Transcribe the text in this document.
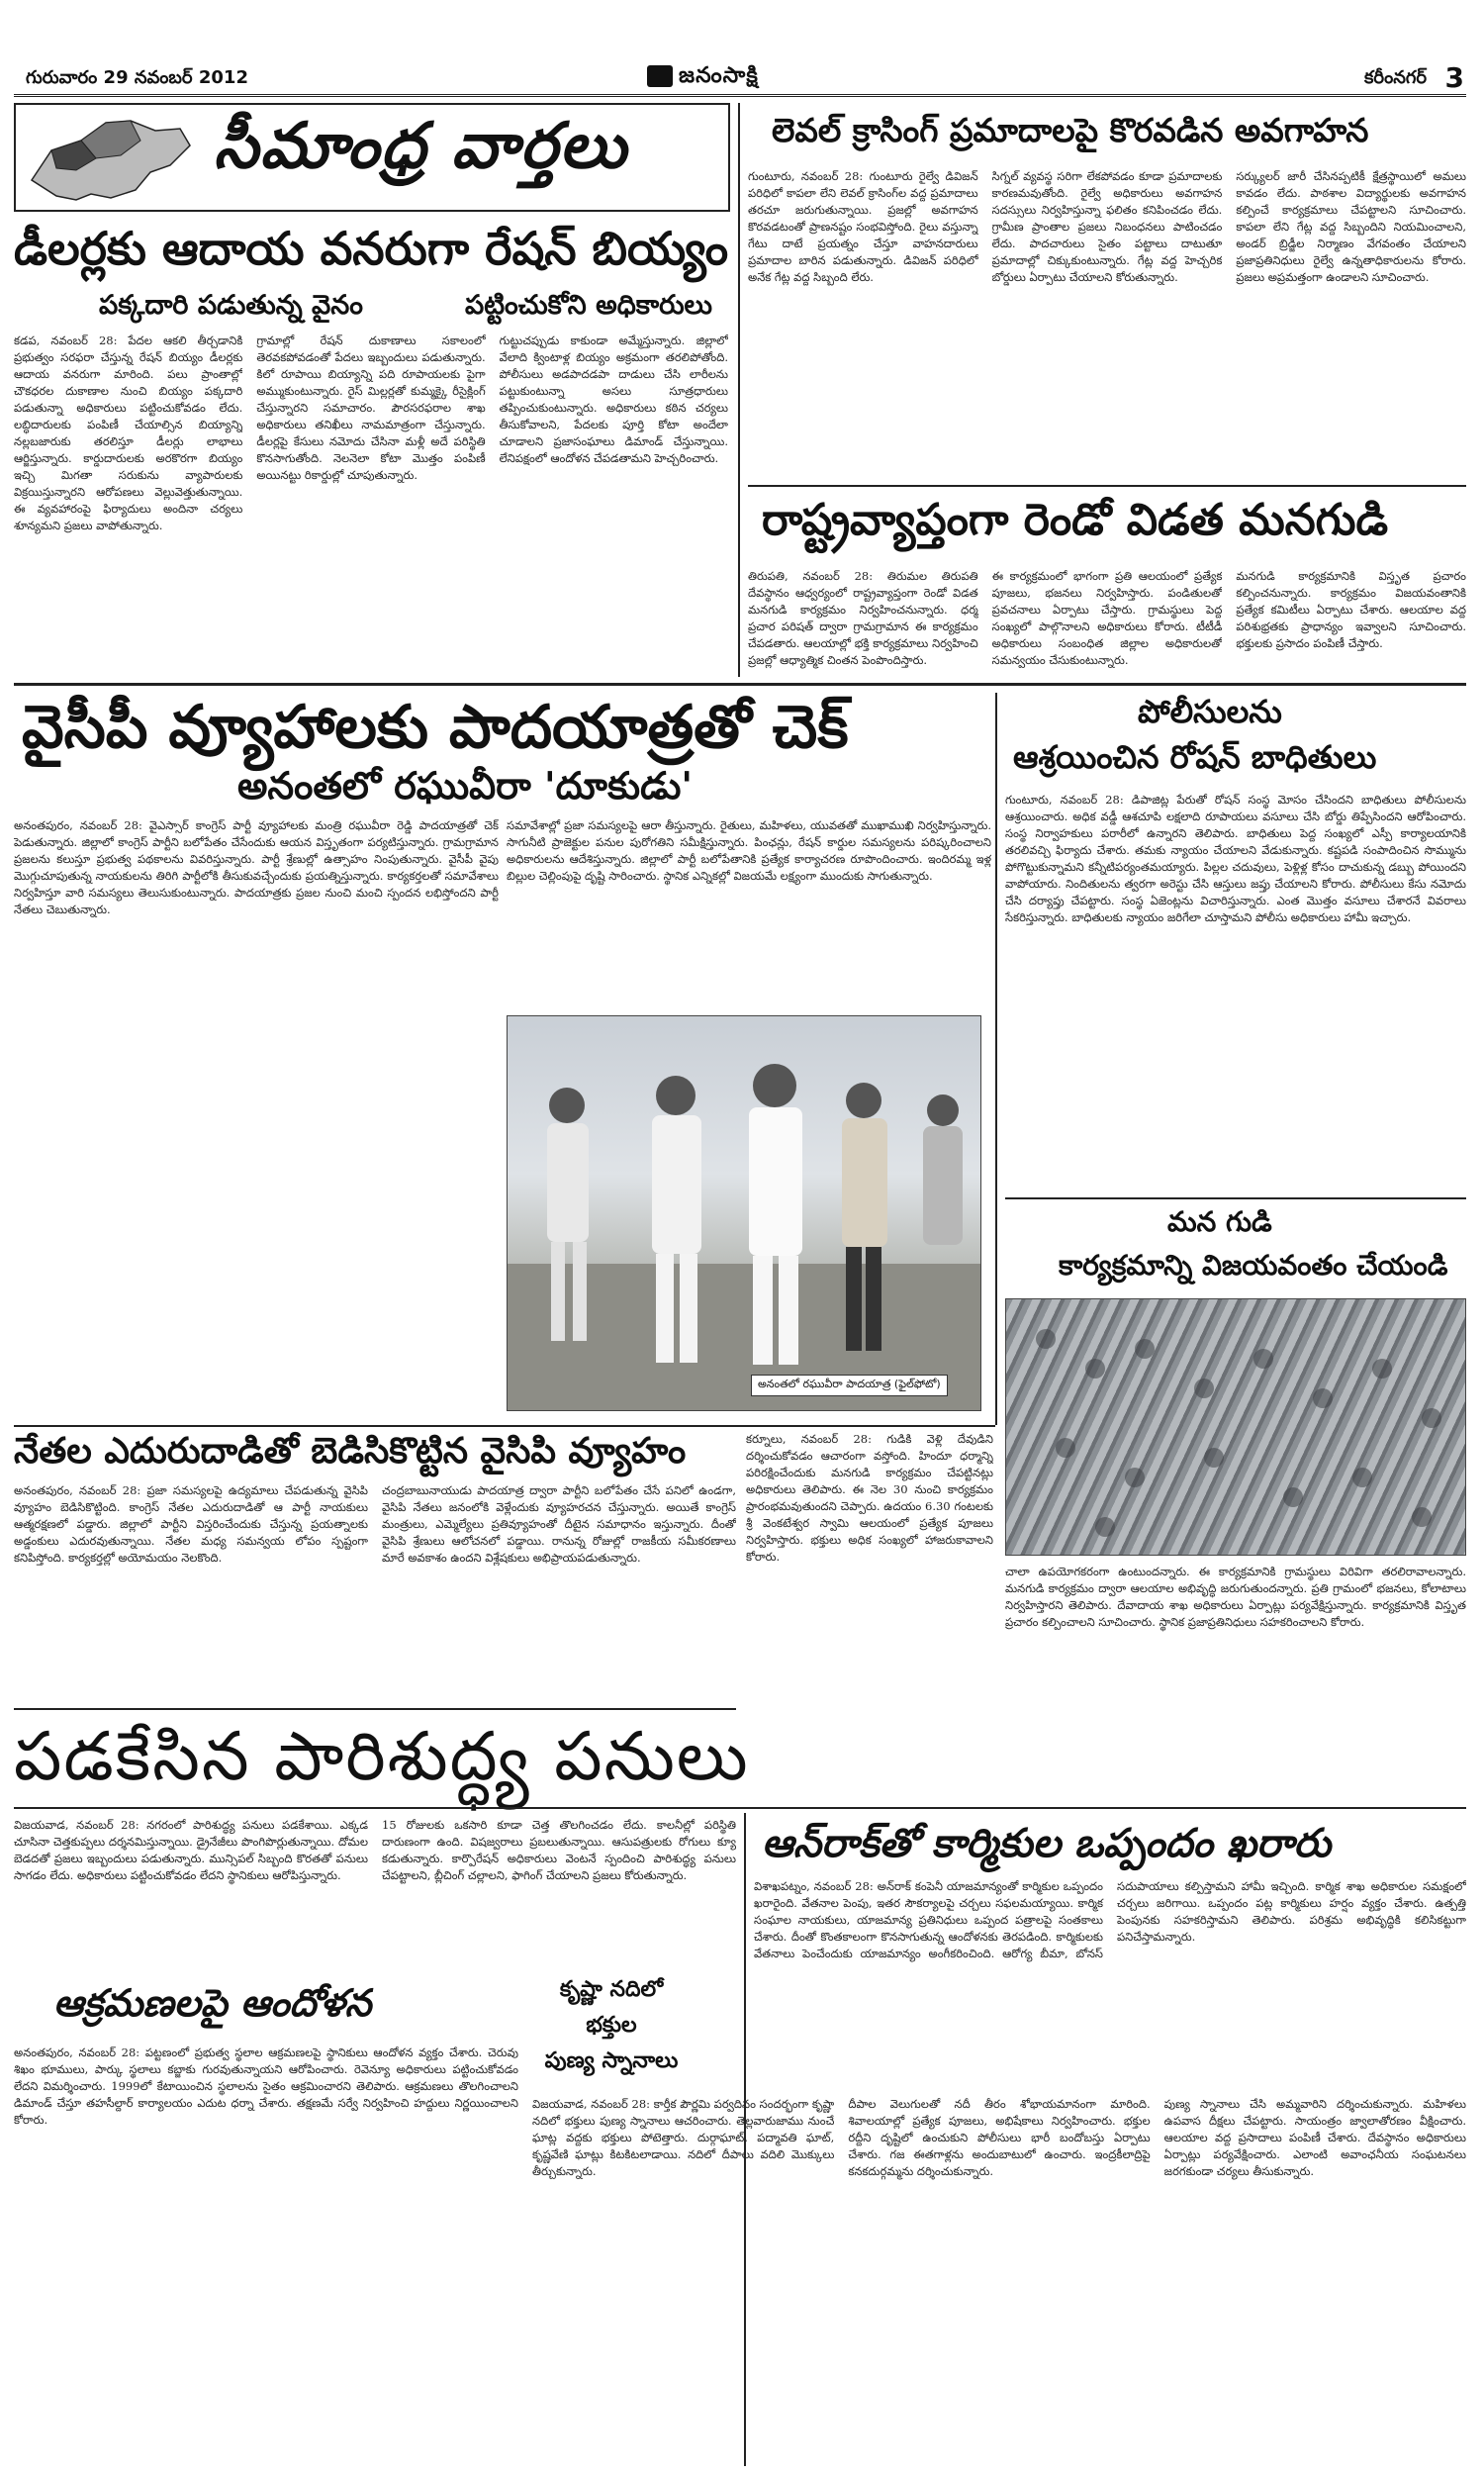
గురువారం 29 నవంబర్ 2012	జనంసాక్షి	కరీంనగర్ 3
సీమాంధ్ర వార్తలు
డీలర్లకు ఆదాయ వనరుగా రేషన్ బియ్యం
పక్కదారి పడుతున్న వైనం	పట్టించుకోని అధికారులు
కడప, నవంబర్ 28: పేదల ఆకలి తీర్చడానికి ప్రభుత్వం సరఫరా చేస్తున్న రేషన్ బియ్యం డీలర్లకు ఆదాయ వనరుగా మారింది. పలు ప్రాంతాల్లో చౌకధరల దుకాణాల నుంచి బియ్యం పక్కదారి పడుతున్నా అధికారులు పట్టించుకోవడం లేదు. లబ్ధిదారులకు పంపిణీ చేయాల్సిన బియ్యాన్ని నల్లబజారుకు తరలిస్తూ డీలర్లు లాభాలు ఆర్జిస్తున్నారు. కార్డుదారులకు అరకొరగా బియ్యం ఇచ్చి మిగతా సరుకును వ్యాపారులకు విక్రయిస్తున్నారని ఆరోపణలు వెల్లువెత్తుతున్నాయి. ఈ వ్యవహారంపై ఫిర్యాదులు అందినా చర్యలు శూన్యమని ప్రజలు వాపోతున్నారు.
గ్రామాల్లో రేషన్ దుకాణాలు సకాలంలో తెరవకపోవడంతో పేదలు ఇబ్బందులు పడుతున్నారు. కిలో రూపాయి బియ్యాన్ని పది రూపాయలకు పైగా అమ్ముకుంటున్నారు. రైస్ మిల్లర్లతో కుమ్మక్కై రీసైక్లింగ్ చేస్తున్నారని సమాచారం. పౌరసరఫరాల శాఖ అధికారులు తనిఖీలు నామమాత్రంగా చేస్తున్నారు. డీలర్లపై కేసులు నమోదు చేసినా మళ్లీ అదే పరిస్థితి కొనసాగుతోంది. నెలనెలా కోటా మొత్తం పంపిణీ అయినట్టు రికార్డుల్లో చూపుతున్నారు.
గుట్టుచప్పుడు కాకుండా అమ్మేస్తున్నారు. జిల్లాలో వేలాది క్వింటాళ్ల బియ్యం అక్రమంగా తరలిపోతోంది. పోలీసులు అడపాదడపా దాడులు చేసి లారీలను పట్టుకుంటున్నా అసలు సూత్రధారులు తప్పించుకుంటున్నారు. అధికారులు కఠిన చర్యలు తీసుకోవాలని, పేదలకు పూర్తి కోటా అందేలా చూడాలని ప్రజాసంఘాలు డిమాండ్ చేస్తున్నాయి. లేనిపక్షంలో ఆందోళన చేపడతామని హెచ్చరించారు.
లెవల్ క్రాసింగ్ ప్రమాదాలపై కొరవడిన అవగాహన
గుంటూరు, నవంబర్ 28: గుంటూరు రైల్వే డివిజన్ పరిధిలో కాపలా లేని లెవల్ క్రాసింగ్‌ల వద్ద ప్రమాదాలు తరచూ జరుగుతున్నాయి. ప్రజల్లో అవగాహన కొరవడటంతో ప్రాణనష్టం సంభవిస్తోంది. రైలు వస్తున్నా గేటు దాటే ప్రయత్నం చేస్తూ వాహనదారులు ప్రమాదాల బారిన పడుతున్నారు. డివిజన్ పరిధిలో అనేక గేట్ల వద్ద సిబ్బంది లేరు.
సిగ్నల్ వ్యవస్థ సరిగా లేకపోవడం కూడా ప్రమాదాలకు కారణమవుతోంది. రైల్వే అధికారులు అవగాహన సదస్సులు నిర్వహిస్తున్నా ఫలితం కనిపించడం లేదు. గ్రామీణ ప్రాంతాల ప్రజలు నిబంధనలు పాటించడం లేదు. పాదచారులు సైతం పట్టాలు దాటుతూ ప్రమాదాల్లో చిక్కుకుంటున్నారు. గేట్ల వద్ద హెచ్చరిక బోర్డులు ఏర్పాటు చేయాలని కోరుతున్నారు.
సర్క్యులర్ జారీ చేసినప్పటికీ క్షేత్రస్థాయిలో అమలు కావడం లేదు. పాఠశాల విద్యార్థులకు అవగాహన కల్పించే కార్యక్రమాలు చేపట్టాలని సూచించారు. కాపలా లేని గేట్ల వద్ద సిబ్బందిని నియమించాలని, అండర్ బ్రిడ్జీల నిర్మాణం వేగవంతం చేయాలని ప్రజాప్రతినిధులు రైల్వే ఉన్నతాధికారులను కోరారు. ప్రజలు అప్రమత్తంగా ఉండాలని సూచించారు.
రాష్ట్రవ్యాప్తంగా రెండో విడత మనగుడి
తిరుపతి, నవంబర్ 28: తిరుమల తిరుపతి దేవస్థానం ఆధ్వర్యంలో రాష్ట్రవ్యాప్తంగా రెండో విడత మనగుడి కార్యక్రమం నిర్వహించనున్నారు. ధర్మ ప్రచార పరిషత్ ద్వారా గ్రామగ్రామాన ఈ కార్యక్రమం చేపడతారు. ఆలయాల్లో భక్తి కార్యక్రమాలు నిర్వహించి ప్రజల్లో ఆధ్యాత్మిక చింతన పెంపొందిస్తారు.
ఈ కార్యక్రమంలో భాగంగా ప్రతి ఆలయంలో ప్రత్యేక పూజలు, భజనలు నిర్వహిస్తారు. పండితులతో ప్రవచనాలు ఏర్పాటు చేస్తారు. గ్రామస్థులు పెద్ద సంఖ్యలో పాల్గొనాలని అధికారులు కోరారు. టీటీడీ అధికారులు సంబంధిత జిల్లాల అధికారులతో సమన్వయం చేసుకుంటున్నారు.
మనగుడి కార్యక్రమానికి విస్తృత ప్రచారం కల్పించనున్నారు. కార్యక్రమం విజయవంతానికి ప్రత్యేక కమిటీలు ఏర్పాటు చేశారు. ఆలయాల వద్ద పరిశుభ్రతకు ప్రాధాన్యం ఇవ్వాలని సూచించారు. భక్తులకు ప్రసాదం పంపిణీ చేస్తారు.
వైసీపీ వ్యూహాలకు పాదయాత్రతో చెక్
అనంతలో రఘువీరా 'దూకుడు'
అనంతపురం, నవంబర్ 28: వైఎస్సార్ కాంగ్రెస్ పార్టీ వ్యూహాలకు మంత్రి రఘువీరా రెడ్డి పాదయాత్రతో చెక్ పెడుతున్నారు. జిల్లాలో కాంగ్రెస్ పార్టీని బలోపేతం చేసేందుకు ఆయన విస్తృతంగా పర్యటిస్తున్నారు. గ్రామగ్రామాన ప్రజలను కలుస్తూ ప్రభుత్వ పథకాలను వివరిస్తున్నారు. పార్టీ శ్రేణుల్లో ఉత్సాహం నింపుతున్నారు. వైసీపీ వైపు మొగ్గుచూపుతున్న నాయకులను తిరిగి పార్టీలోకి తీసుకువచ్చేందుకు ప్రయత్నిస్తున్నారు. కార్యకర్తలతో సమావేశాలు నిర్వహిస్తూ వారి సమస్యలు తెలుసుకుంటున్నారు. పాదయాత్రకు ప్రజల నుంచి మంచి స్పందన లభిస్తోందని పార్టీ నేతలు చెబుతున్నారు.
సమావేశాల్లో ప్రజా సమస్యలపై ఆరా తీస్తున్నారు. రైతులు, మహిళలు, యువతతో ముఖాముఖి నిర్వహిస్తున్నారు. సాగునీటి ప్రాజెక్టుల పనుల పురోగతిని సమీక్షిస్తున్నారు. పింఛన్లు, రేషన్ కార్డుల సమస్యలను పరిష్కరించాలని అధికారులను ఆదేశిస్తున్నారు. జిల్లాలో పార్టీ బలోపేతానికి ప్రత్యేక కార్యాచరణ రూపొందించారు. ఇందిరమ్మ ఇళ్ల బిల్లుల చెల్లింపుపై దృష్టి సారించారు. స్థానిక ఎన్నికల్లో విజయమే లక్ష్యంగా ముందుకు సాగుతున్నారు.
అనంతలో రఘువీరా పాదయాత్ర (ఫైల్‌ఫోటో)
పోలీసులను
ఆశ్రయించిన రోషన్ బాధితులు
గుంటూరు, నవంబర్ 28: డిపాజిట్ల పేరుతో రోషన్ సంస్థ మోసం చేసిందని బాధితులు పోలీసులను ఆశ్రయించారు. అధిక వడ్డీ ఆశచూపి లక్షలాది రూపాయలు వసూలు చేసి బోర్డు తిప్పేసిందని ఆరోపించారు. సంస్థ నిర్వాహకులు పరారీలో ఉన్నారని తెలిపారు. బాధితులు పెద్ద సంఖ్యలో ఎస్పీ కార్యాలయానికి తరలివచ్చి ఫిర్యాదు చేశారు. తమకు న్యాయం చేయాలని వేడుకున్నారు. కష్టపడి సంపాదించిన సొమ్మును పోగొట్టుకున్నామని కన్నీటిపర్యంతమయ్యారు. పిల్లల చదువులు, పెళ్లిళ్ల కోసం దాచుకున్న డబ్బు పోయిందని వాపోయారు. నిందితులను త్వరగా అరెస్టు చేసి ఆస్తులు జప్తు చేయాలని కోరారు. పోలీసులు కేసు నమోదు చేసి దర్యాప్తు చేపట్టారు. సంస్థ ఏజెంట్లను విచారిస్తున్నారు. ఎంత మొత్తం వసూలు చేశారనే వివరాలు సేకరిస్తున్నారు. బాధితులకు న్యాయం జరిగేలా చూస్తామని పోలీసు అధికారులు హామీ ఇచ్చారు.
మన గుడి
కార్యక్రమాన్ని విజయవంతం చేయండి
నేతల ఎదురుదాడితో బెడిసికొట్టిన వైసిపి వ్యూహం
అనంతపురం, నవంబర్ 28: ప్రజా సమస్యలపై ఉద్యమాలు చేపడుతున్న వైసిపి వ్యూహం బెడిసికొట్టింది. కాంగ్రెస్ నేతల ఎదురుదాడితో ఆ పార్టీ నాయకులు ఆత్మరక్షణలో పడ్డారు. జిల్లాలో పార్టీని విస్తరించేందుకు చేస్తున్న ప్రయత్నాలకు అడ్డంకులు ఎదురవుతున్నాయి. నేతల మధ్య సమన్వయ లోపం స్పష్టంగా కనిపిస్తోంది. కార్యకర్తల్లో అయోమయం నెలకొంది.
చంద్రబాబునాయుడు పాదయాత్ర ద్వారా పార్టీని బలోపేతం చేసే పనిలో ఉండగా, వైసిపి నేతలు జనంలోకి వెళ్లేందుకు వ్యూహరచన చేస్తున్నారు. అయితే కాంగ్రెస్ మంత్రులు, ఎమ్మెల్యేలు ప్రతివ్యూహంతో దీటైన సమాధానం ఇస్తున్నారు. దీంతో వైసిపి శ్రేణులు ఆలోచనలో పడ్డాయి. రానున్న రోజుల్లో రాజకీయ సమీకరణాలు మారే అవకాశం ఉందని విశ్లేషకులు అభిప్రాయపడుతున్నారు.
కర్నూలు, నవంబర్ 28: గుడికి వెళ్లి దేవుడిని దర్శించుకోవడం ఆచారంగా వస్తోంది. హిందూ ధర్మాన్ని పరిరక్షించేందుకు మనగుడి కార్యక్రమం చేపట్టినట్లు అధికారులు తెలిపారు. ఈ నెల 30 నుంచి కార్యక్రమం ప్రారంభమవుతుందని చెప్పారు. ఉదయం 6.30 గంటలకు శ్రీ వెంకటేశ్వర స్వామి ఆలయంలో ప్రత్యేక పూజలు నిర్వహిస్తారు. భక్తులు అధిక సంఖ్యలో హాజరుకావాలని కోరారు.
చాలా ఉపయోగకరంగా ఉంటుందన్నారు. ఈ కార్యక్రమానికి గ్రామస్థులు విరివిగా తరలిరావాలన్నారు. మనగుడి కార్యక్రమం ద్వారా ఆలయాల అభివృద్ధి జరుగుతుందన్నారు. ప్రతి గ్రామంలో భజనలు, కోలాటాలు నిర్వహిస్తారని తెలిపారు. దేవాదాయ శాఖ అధికారులు ఏర్పాట్లు పర్యవేక్షిస్తున్నారు. కార్యక్రమానికి విస్తృత ప్రచారం కల్పించాలని సూచించారు. స్థానిక ప్రజాప్రతినిధులు సహకరించాలని కోరారు.
పడకేసిన పారిశుద్ధ్య పనులు
విజయవాడ, నవంబర్ 28: నగరంలో పారిశుద్ధ్య పనులు పడకేశాయి. ఎక్కడ చూసినా చెత్తకుప్పలు దర్శనమిస్తున్నాయి. డ్రైనేజీలు పొంగిపొర్లుతున్నాయి. దోమల బెడదతో ప్రజలు ఇబ్బందులు పడుతున్నారు. మున్సిపల్ సిబ్బంది కొరతతో పనులు సాగడం లేదు. అధికారులు పట్టించుకోవడం లేదని స్థానికులు ఆరోపిస్తున్నారు.
15 రోజులకు ఒకసారి కూడా చెత్త తొలగించడం లేదు. కాలనీల్లో పరిస్థితి దారుణంగా ఉంది. విషజ్వరాలు ప్రబలుతున్నాయి. ఆసుపత్రులకు రోగులు క్యూ కడుతున్నారు. కార్పొరేషన్ అధికారులు వెంటనే స్పందించి పారిశుద్ధ్య పనులు చేపట్టాలని, బ్లీచింగ్ చల్లాలని, ఫాగింగ్ చేయాలని ప్రజలు కోరుతున్నారు.
ఆన్‌రాక్‌తో కార్మికుల ఒప్పందం ఖరారు
విశాఖపట్నం, నవంబర్ 28: అన్‌రాక్ కంపెనీ యాజమాన్యంతో కార్మికుల ఒప్పందం ఖరారైంది. వేతనాల పెంపు, ఇతర సౌకర్యాలపై చర్చలు సఫలమయ్యాయి. కార్మిక సంఘాల నాయకులు, యాజమాన్య ప్రతినిధులు ఒప్పంద పత్రాలపై సంతకాలు చేశారు. దీంతో కొంతకాలంగా కొనసాగుతున్న ఆందోళనకు తెరపడింది. కార్మికులకు వేతనాలు పెంచేందుకు యాజమాన్యం అంగీకరించింది. ఆరోగ్య బీమా, బోనస్ సదుపాయాలు కల్పిస్తామని హామీ ఇచ్చింది. కార్మిక శాఖ అధికారుల సమక్షంలో చర్చలు జరిగాయి. ఒప్పందం పట్ల కార్మికులు హర్షం వ్యక్తం చేశారు. ఉత్పత్తి పెంపునకు సహకరిస్తామని తెలిపారు. పరిశ్రమ అభివృద్ధికి కలిసికట్టుగా పనిచేస్తామన్నారు.
ఆక్రమణలపై ఆందోళన	కృష్ణా నదిలో
భక్తుల
పుణ్య స్నానాలు
అనంతపురం, నవంబర్ 28: పట్టణంలో ప్రభుత్వ స్థలాల ఆక్రమణలపై స్థానికులు ఆందోళన వ్యక్తం చేశారు. చెరువు శిఖం భూములు, పార్కు స్థలాలు కబ్జాకు గురవుతున్నాయని ఆరోపించారు. రెవెన్యూ అధికారులు పట్టించుకోవడం లేదని విమర్శించారు. 1999లో కేటాయించిన స్థలాలను సైతం ఆక్రమించారని తెలిపారు. ఆక్రమణలు తొలగించాలని డిమాండ్ చేస్తూ తహసీల్దార్ కార్యాలయం ఎదుట ధర్నా చేశారు. తక్షణమే సర్వే నిర్వహించి హద్దులు నిర్ణయించాలని కోరారు.
విజయవాడ, నవంబర్ 28: కార్తీక పౌర్ణమి పర్వదినం సందర్భంగా కృష్ణా నదిలో భక్తులు పుణ్య స్నానాలు ఆచరించారు. తెల్లవారుజాము నుంచే ఘాట్ల వద్దకు భక్తులు పోటెత్తారు. దుర్గాఘాట్, పద్మావతి ఘాట్, కృష్ణవేణి ఘాట్లు కిటకిటలాడాయి. నదిలో దీపాలు వదిలి మొక్కులు తీర్చుకున్నారు.
దీపాల వెలుగులతో నదీ తీరం శోభాయమానంగా మారింది. శివాలయాల్లో ప్రత్యేక పూజలు, అభిషేకాలు నిర్వహించారు. భక్తుల రద్దీని దృష్టిలో ఉంచుకుని పోలీసులు భారీ బందోబస్తు ఏర్పాటు చేశారు. గజ ఈతగాళ్లను అందుబాటులో ఉంచారు. ఇంద్రకీలాద్రిపై కనకదుర్గమ్మను దర్శించుకున్నారు.
పుణ్య స్నానాలు చేసి అమ్మవారిని దర్శించుకున్నారు. మహిళలు ఉపవాస దీక్షలు చేపట్టారు. సాయంత్రం జ్వాలాతోరణం వీక్షించారు. ఆలయాల వద్ద ప్రసాదాలు పంపిణీ చేశారు. దేవస్థానం అధికారులు ఏర్పాట్లు పర్యవేక్షించారు. ఎలాంటి అవాంఛనీయ సంఘటనలు జరగకుండా చర్యలు తీసుకున్నారు.
